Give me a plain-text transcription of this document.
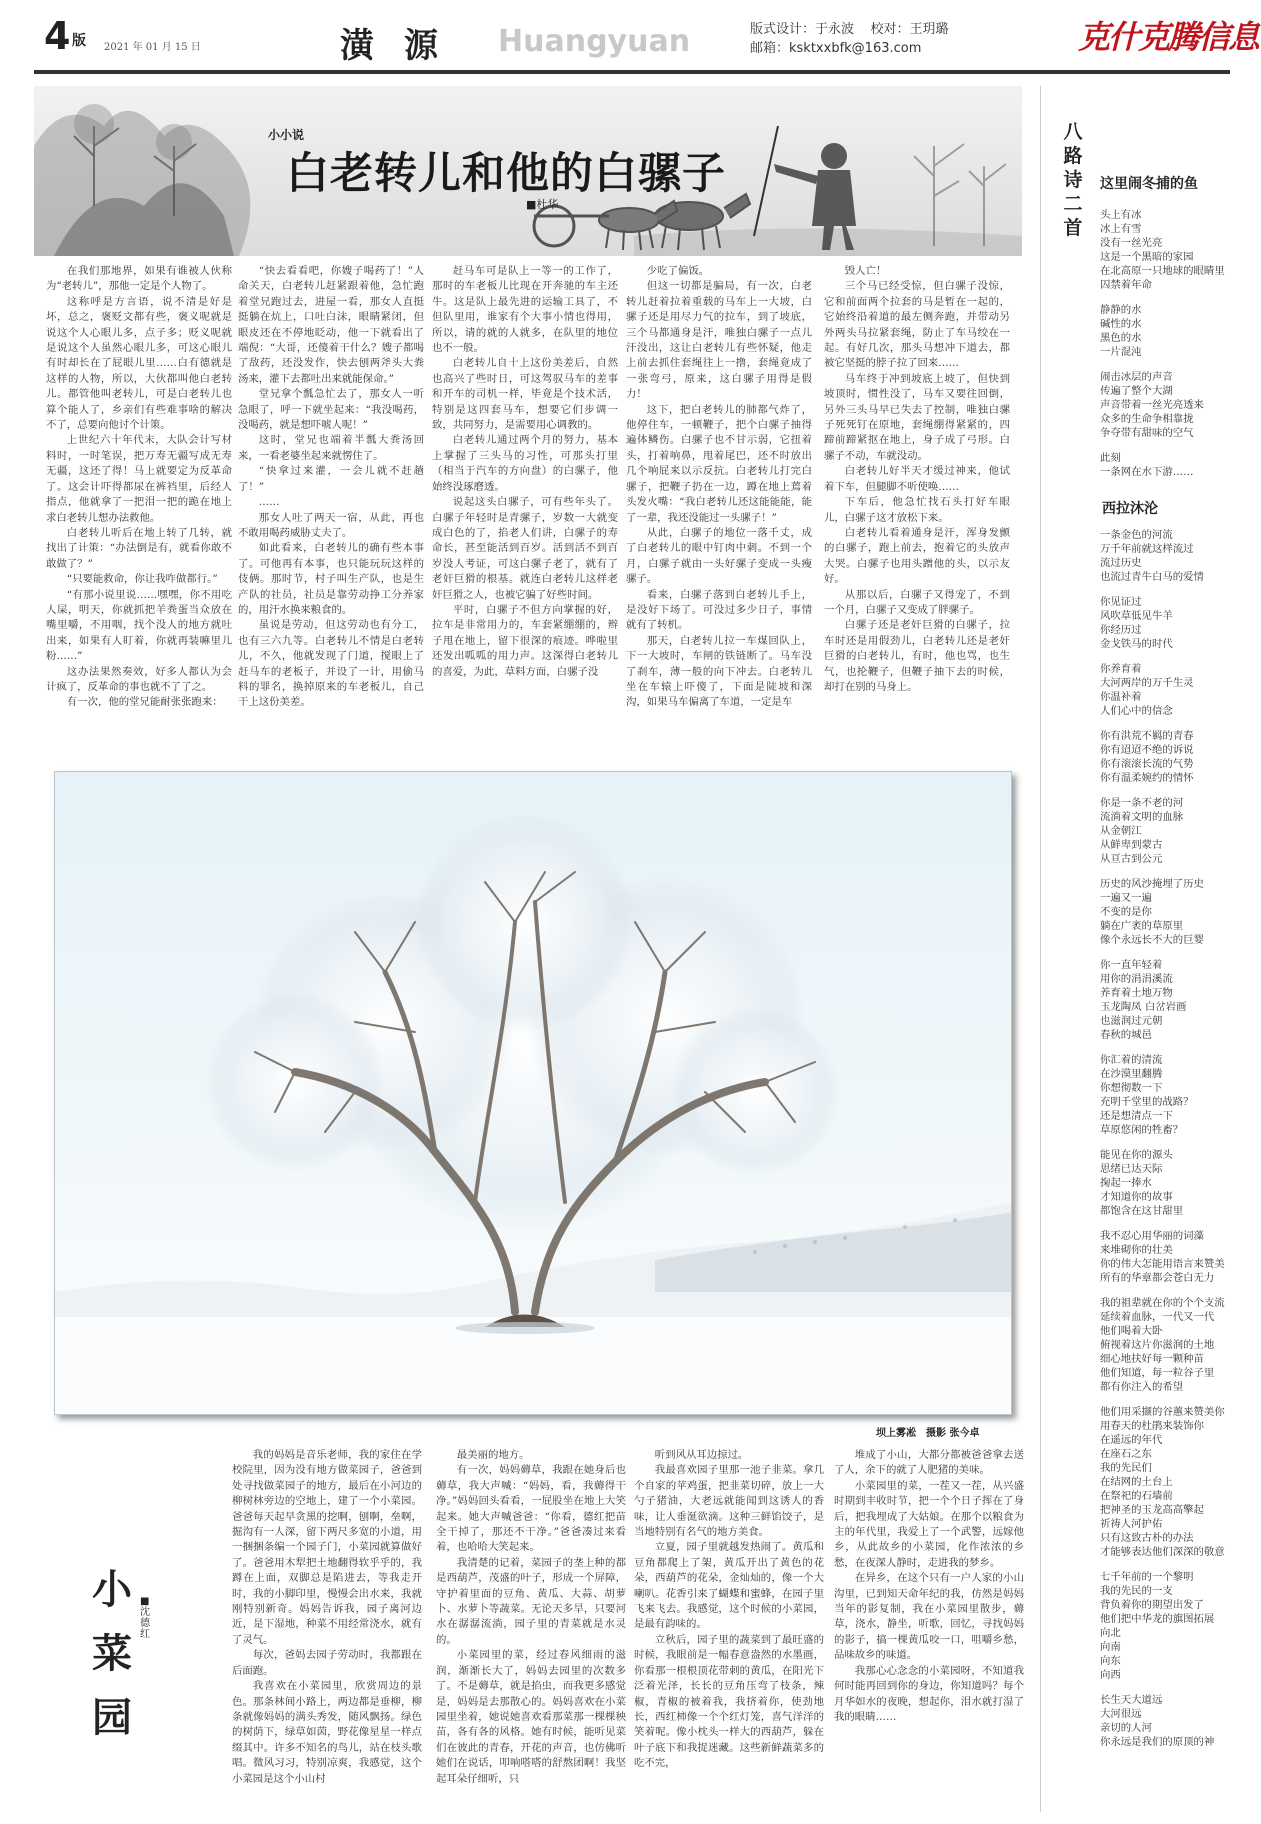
4 版 2021 年 01 月 15 日	潢源 Huangyuan	版式设计：于永波 校对：王玥璐
邮箱：ksktxxbfk@163.com	克什克腾信息
小小说
白老转儿和他的白骡子
■杜华

在我们那地界，如果有谁被人伙称为“老转儿”，那他一定是个人物了。

这称呼是方言语，说不清是好是坏，总之，褒贬文都有些，褒义呢就是说这个人心眼儿多，点子多；贬义呢就是说这个人虽然心眼儿多，可这心眼儿有时却长在了屁眼儿里……白有德就是这样的人物，所以，大伙都叫他白老转儿。都管他叫老转儿，可是白老转儿也算个能人了，乡亲们有些难事啥的解决不了，总要向他讨个计策。

上世纪六十年代末，大队会计写材料时，一时笔误，把万寿无疆写成无寿无疆，这还了得！马上就要定为反革命了。这会计吓得都尿在裤裆里，后经人指点，他就拿了一把泪一把的跪在地上求白老转儿想办法救他。

白老转儿听后在地上转了几转，就找出了计策：“办法倒是有，就看你敢不敢做了？”

“只要能救命，你让我咋做都行。”

“有那小说里说……嘿嘿，你不用吃人屎，明天，你就抓把羊粪蛋当众放在嘴里嚼，不用咽，找个没人的地方就吐出来，如果有人盯着，你就再装嘛里儿粉……”

这办法果然奏效，好多人都认为会计疯了，反革命的事也就不了了之。

有一次，他的堂兄能耐张张跑来：

“快去看看吧，你嫂子喝药了！”人命关天，白老转儿赶紧跟着他，急忙跑着堂兄跑过去，进屋一看，那女人直挺挺躺在炕上，口吐白沫，眼睛紧闭，但眼皮还在不停地眨动，他一下就看出了端倪：“大哥，还傻着干什么？嫂子都喝了敌药，还没发作，快去刨两斧头大粪汤来，灌下去都吐出来就能保命。”

堂兄拿个瓢急忙去了，那女人一听急眼了，呼一下就坐起来：“我没喝药，没喝药，就是想吓唬人呢！”

这时，堂兄也端着半瓢大粪汤回来，一看老婆坐起来就愣住了。

“快拿过来灌，一会儿就不赶趟了！”

……

那女人吐了两天一宿，从此，再也不敢用喝药威胁丈夫了。

如此看来，白老转儿的确有些本事了。可他再有本事，也只能玩玩这样的伎俩。那时节，村子叫生产队，也是生产队的社员，社员是靠劳动挣工分养家的，用汗水换来粮食的。

虽说是劳动，但这劳动也有分工，也有三六九等。白老转儿不情是白老转儿，不久，他就发现了门道，搅眼上了赶马车的老板子，并设了一计，用偷马料的罪名，换掉原来的车老板儿，自己干上这份美差。

赶马车可是队上一等一的工作了，那时的车老板儿比现在开奔驰的车主还牛。这是队上最先进的运输工具了，不但队里用，谁家有个大事小情也得用，所以，请的就的人就多，在队里的地位也不一般。

白老转儿自十上这份美差后，自然也高兴了些时日，可这驾驭马车的差事和开车的司机一样，毕竟是个技术活，特别是这四套马车，想要它们步调一致，共同努力，是需要用心调教的。

白老转儿通过两个月的努力，基本上掌握了三头马的习性，可那头打里（相当于汽车的方向盘）的白骡子，他始终没琢磨透。

说起这头白骡子，可有些年头了。白骡子年轻时是青骡子，岁数一大就变成白色的了，掐老人们讲，白骡子的寿命长，甚至能活到百岁。活到活不到百岁没人考证，可这白骡子老了，就有了老奸巨猾的根基。就连白老转儿这样老奸巨猾之人，也被它骗了好些时间。

平时，白骡子不但方向掌握的好，拉车是非常用力的，车套紧绷绷的，辫子甩在地上，留下很深的痕迹。哗啦里还发出呱呱的用力声。这深得白老转儿的喜爱，为此，草料方面，白骡子没

少吃了偏饭。

但这一切都是骗局，有一次，白老转儿赶着拉着重载的马车上一大坡，白骡子还是用尽力气的拉车，到了坡底，三个马都通身是汗，唯独白骡子一点儿汗没出，这让白老转儿有些怀疑，他走上前去抓住套绳往上一撸，套绳竟成了一张弯弓，原来，这白骡子用得是假力！

这下，把白老转儿的肺都气炸了，他停住车，一顿鞭子，把个白骡子抽得遍体鳞伤。白骡子也不甘示弱，它扭着头，打着响鼻，甩着尾巴，还不时放出几个响屁来以示反抗。白老转儿打完白骡子，把鞭子扔在一边，蹲在地上蔫着头发火嘴：“我白老转儿还这能能能，能了一辈，我还没能过一头骡子！”

从此，白骡子的地位一落千丈，成了白老转儿的眼中钉肉中刺。不到一个月，白骡子就由一头好骡子变成一头瘦骡子。

看来，白骡子落到白老转儿手上，是没好下场了。可没过多少日子，事情就有了转机。

那天，白老转儿拉一车煤回队上，下一大坡时，车闸的铁链断了。马车没了刹车，薄一般的向下冲去。白老转儿坐在车辕上吓傻了，下面是陡坡和深沟，如果马车偏离了车道，一定是车

毁人亡！

三个马已经受惊，但白骡子没惊，它和前面两个拉套的马是暂在一起的，它始终沿着道的最左侧奔跑，并带动另外两头马拉紧套绳，防止了车马绞在一起。有好几次，那头马想冲下道去，都被它坚挺的脖子拉了回来……

马车终于冲到坡底上坡了，但快到坡顶时，惯性没了，马车又要往回倒，另外三头马早已失去了控制，唯独白骡子死死钉在原地，套绳绷得紧紧的，四蹄前蹄紧抠在地上，身子成了弓形。白骡子不动，车就没动。

白老转儿好半天才缓过神来，他试着下车，但腿脚不听使唤……

下车后，他急忙找石头打好车眼儿，白骡子这才放松下来。

白老转儿看着通身是汗，浑身发颤的白骡子，跑上前去，抱着它的头放声大哭。白骡子也用头蹭他的头，以示友好。

从那以后，白骡子又得宠了，不到一个月，白骡子又变成了胖骡子。

白骡子还是老奸巨猾的白骡子，拉车时还是用假劲儿，白老转儿还是老奸巨猾的白老转儿，有时，他也骂，也生气，也抡鞭子，但鞭子抽下去的时候，却打在别的马身上。

坝上雾凇　摄影 张今卓
八路诗二首
这里闹冬捕的鱼
头上有冰
冰上有雪
没有一丝光亮
这是一个黑暗的家园
在北高原一只地球的眼睛里
囚禁着年命
静静的水
碱性的水
黑色的水
一片混沌
闹击冰层的声音
传遍了整个大湖
声音带着一丝光亮透来
众多的生命争相靠拢
争夺带有甜味的空气
此刻
一条网在水下游……
西拉沐沦
一条金色的河流
万千年前就这样流过
流过历史
也流过青牛白马的爱情
你见证过
风吹草低见牛羊
你经历过
金戈铁马的时代
你养育着
大河两岸的万千生灵
你温补着
人们心中的信念
你有洪荒不羁的青春
你有迢迢不绝的诉说
你有滚滚长流的气势
你有温柔婉约的情怀
你是一条不老的河
流淌着文明的血脉
从金朝江
从鲜卑到蒙古
从亘古到公元
历史的风沙掩埋了历史
一遍又一遍
不变的是你
躺在广袤的草原里
像个永远长不大的巨婴
你一直年轻着
用你的涓涓溪流
养育着土地万物
玉龙陶凤 白岔岩画
也滋润过元朝
春秋的城邑
你汇着的清流
在沙漠里翻腾
你想彻数一下
充明千堂里的战路？
还是想清点一下
草原悠闲的牲畜？
能见在你的源头
思绪已达天际
掬起一捧水
才知道你的故事
都饱含在这甘甜里
我不忍心用华丽的词藻
来堆砌你的壮美
你的伟大怎能用语言来赞美
所有的华章都会苍白无力
我的祖辈就在你的个个支流
延续着血脉，一代又一代
他们喝着大卧
俯视着这片你滋润的土地
细心地扶好每一颗种苗
他们知道，每一粒谷子里
都有你注入的希望
他们用采撷的谷蕙来赞美你
用春天的杜鹃来装饰你
在遥远的年代
在座石之东
我的先民们
在结网的土台上
在祭祀的石墙前
把神圣的玉龙高高擎起
祈祷人河护佑
只有这致古朴的办法
才能够表达他们深深的敬意
七千年前的一个黎明
我的先民的一支
背负着你的期望出发了
他们把中华龙的旗图拓展
向北
向南
向东
向西
长生天大道远
大河很远
亲切的人河
你永远是我们的原顶的神
小菜园
■沈德红

我的妈妈是音乐老师，我的家住在学校院里，因为没有地方做菜园子，爸爸到处寻找做菜园子的地方，最后在小河边的柳树林旁边的空地上，建了一个小菜园。爸爸每天起早贪黑的挖啊，刨啊，垒啊，掘沟有一人深，留下两尺多宽的小道，用一捆捆条编一个园子门，小菜园就算做好了。爸爸用木犁把土地翻得软乎乎的，我蹲在上面，双脚总是陷进去，等我走开时，我的小脚印里，慢慢会出水来，我就刚特别新奇。妈妈告诉我，园子离河边近，是下湿地，种菜不用经常浇水，就有了灵气。

每次，爸妈去园子劳动时，我都跟在后面跑。

我喜欢在小菜园里，欣赏周边的景色。那条林间小路上，两边都是垂柳，柳条就像妈妈的满头秀发，随风飘扬。绿色的树荫下，绿草如茵，野花像星星一样点缀其中。许多不知名的鸟儿，站在枝头歌唱。微风习习，特别凉爽，我感觉，这个小菜园是这个小山村

最美丽的地方。

有一次，妈妈薅草，我跟在她身后也薅草，我大声喊：“妈妈，看，我薅得干净。”妈妈回头看看，一屁股坐在地上大笑起来。她大声喊爸爸：“你看，德红把苗全干掉了，那还不干净。”爸爸凑过来看着，也哈哈大笑起来。

我清楚的记着，菜园子的垄上种的都是西葫芦，茂盛的叶子，形成一个屏障，守护着里面的豆角、黄瓜、大蒜、胡萝卜、水萝卜等蔬菜。无论天多旱，只要河水在潺潺流淌，园子里的青菜就是水灵的。

小菜园里的菜，经过春风细雨的滋润，渐渐长大了，妈妈去园里的次数多了。不是薅草，就是掐虫，而我更多感觉是，妈妈是去那散心的。妈妈喜欢在小菜园里坐着，她说她喜欢看那菜那一棵棵秧苗，各有各的风格。她有时候，能听见菜们在彼此的青春，开花的声音，也仿佛听她们在说话，叩响嗒嗒的舒熬团啊！我坚起耳朵仔细听，只

听到风从耳边掠过。

我最喜欢园子里那一池子韭菜。拿几个自家的苹鸡蛋，把韭菜切碎，放上一大勺子猪油，大老远就能闻到这诱人的香味，让人垂涎欲滴。这种三鲜馅饺子，是当地特别有名气的地方美食。

立夏，园子里就越发热闹了。黄瓜和豆角都爬上了架，黄瓜开出了黄色的花朵，西葫芦的花朵，金灿灿的，像一个大喇叭。花香引来了蝴蝶和蜜蜂，在园子里飞来飞去。我感觉，这个时候的小菜园，是最有韵味的。

立秋后，园子里的蔬菜到了最旺盛的时候，我眼前是一幅春意盎然的水墨画，你看那一根根顶花带刺的黄瓜，在阳光下泛着光泽，长长的豆角压弯了枝条，辣椒，青椒的被着我，我挤着你，使劲地长，西红柿像一个个红灯笼，喜气洋洋的笑着呢。像小枕头一样大的西葫芦，躲在叶子底下和我捉迷藏。这些新鲜蔬菜多的吃不完，

堆成了小山，大都分都被爸爸拿去送了人，余下的就了人肥猪的美味。

小菜园里的菜，一茬又一茬，从兴盛时期到丰收时节，把一个个日子挥在了身后，把我埋成了大姑娘。在那个以粮食为主的年代里，我爱上了一个武警，远嫁他乡，从此故乡的小菜园，化作浓浓的乡愁，在夜深人静时，走进我的梦乡。

在异乡，在这个只有一户人家的小山沟里，已到知天命年纪的我，仿然是妈妈当年的影复制，我在小菜园里散步，薅草，浇水，静坐，听歌，回忆，寻找妈妈的影子，搞一棵黄瓜咬一口，咀嚼乡愁，品味故乡的味道。

我那心心念念的小菜园呀，不知道我何时能再回到你的身边，你知道吗？每个月华如水的夜晚，想起你，泪水就打湿了我的眼睛……
